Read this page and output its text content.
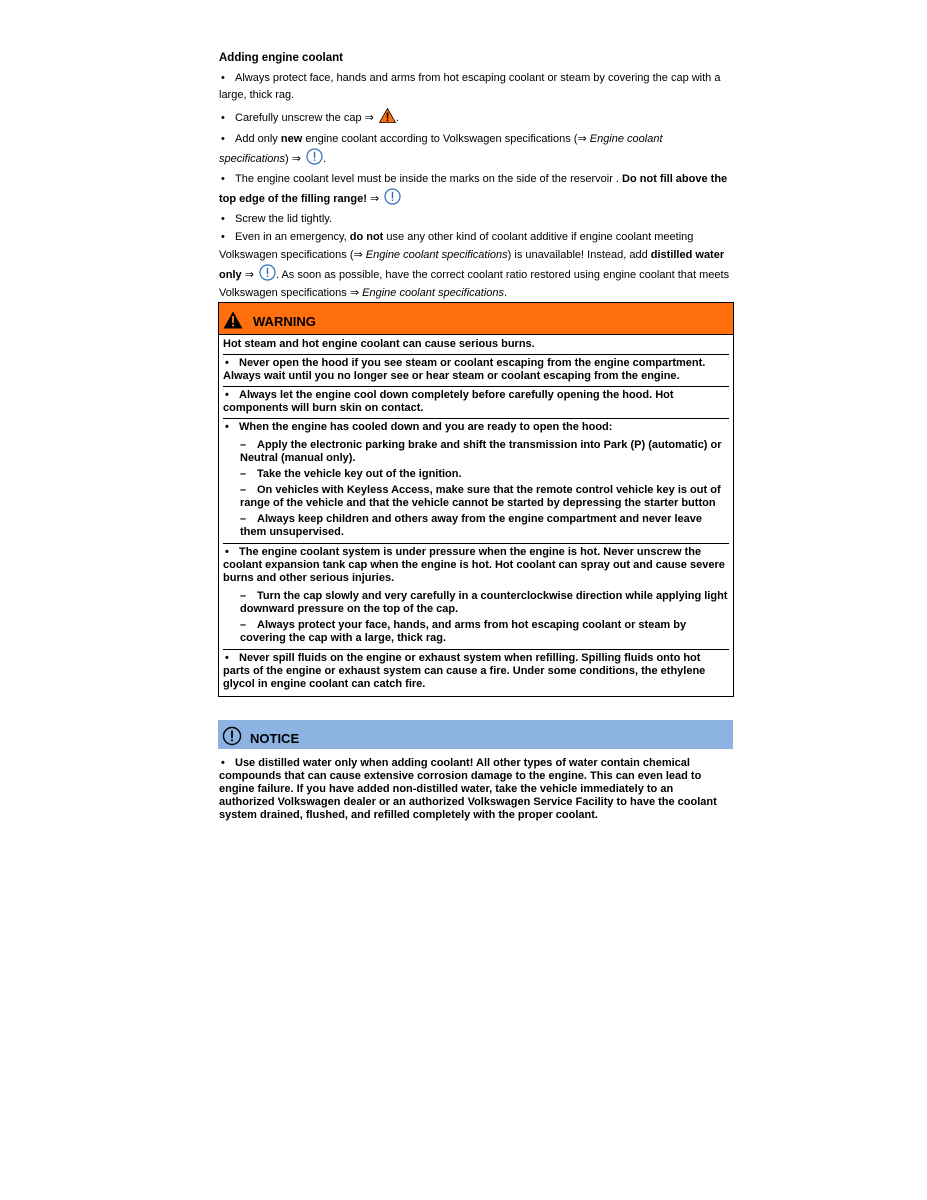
Adding engine coolant
• Always protect face, hands and arms from hot escaping coolant or steam by covering the cap with a large, thick rag.
• Carefully unscrew the cap ⇒ .
• Add only new engine coolant according to Volkswagen specifications (⇒ Engine coolant specifications) ⇒ .
• The engine coolant level must be inside the marks on the side of the reservoir . Do not fill above the top edge of the filling range! ⇒
• Screw the lid tightly.
• Even in an emergency, do not use any other kind of coolant additive if engine coolant meeting Volkswagen specifications (⇒ Engine coolant specifications) is unavailable! Instead, add distilled water only ⇒ . As soon as possible, have the correct coolant ratio restored using engine coolant that meets Volkswagen specifications ⇒ Engine coolant specifications.
WARNING
Hot steam and hot engine coolant can cause serious burns.
• Never open the hood if you see steam or coolant escaping from the engine compartment. Always wait until you no longer see or hear steam or coolant escaping from the engine.
• Always let the engine cool down completely before carefully opening the hood. Hot components will burn skin on contact.
• When the engine has cooled down and you are ready to open the hood:
– Apply the electronic parking brake and shift the transmission into Park (P) (automatic) or Neutral (manual only).
– Take the vehicle key out of the ignition.
– On vehicles with Keyless Access, make sure that the remote control vehicle key is out of range of the vehicle and that the vehicle cannot be started by depressing the starter button
– Always keep children and others away from the engine compartment and never leave them unsupervised.
• The engine coolant system is under pressure when the engine is hot. Never unscrew the coolant expansion tank cap when the engine is hot. Hot coolant can spray out and cause severe burns and other serious injuries.
– Turn the cap slowly and very carefully in a counterclockwise direction while applying light downward pressure on the top of the cap.
– Always protect your face, hands, and arms from hot escaping coolant or steam by covering the cap with a large, thick rag.
• Never spill fluids on the engine or exhaust system when refilling. Spilling fluids onto hot parts of the engine or exhaust system can cause a fire. Under some conditions, the ethylene glycol in engine coolant can catch fire.
NOTICE
• Use distilled water only when adding coolant! All other types of water contain chemical compounds that can cause extensive corrosion damage to the engine. This can even lead to engine failure. If you have added non-distilled water, take the vehicle immediately to an authorized Volkswagen dealer or an authorized Volkswagen Service Facility to have the coolant system drained, flushed, and refilled completely with the proper coolant.
